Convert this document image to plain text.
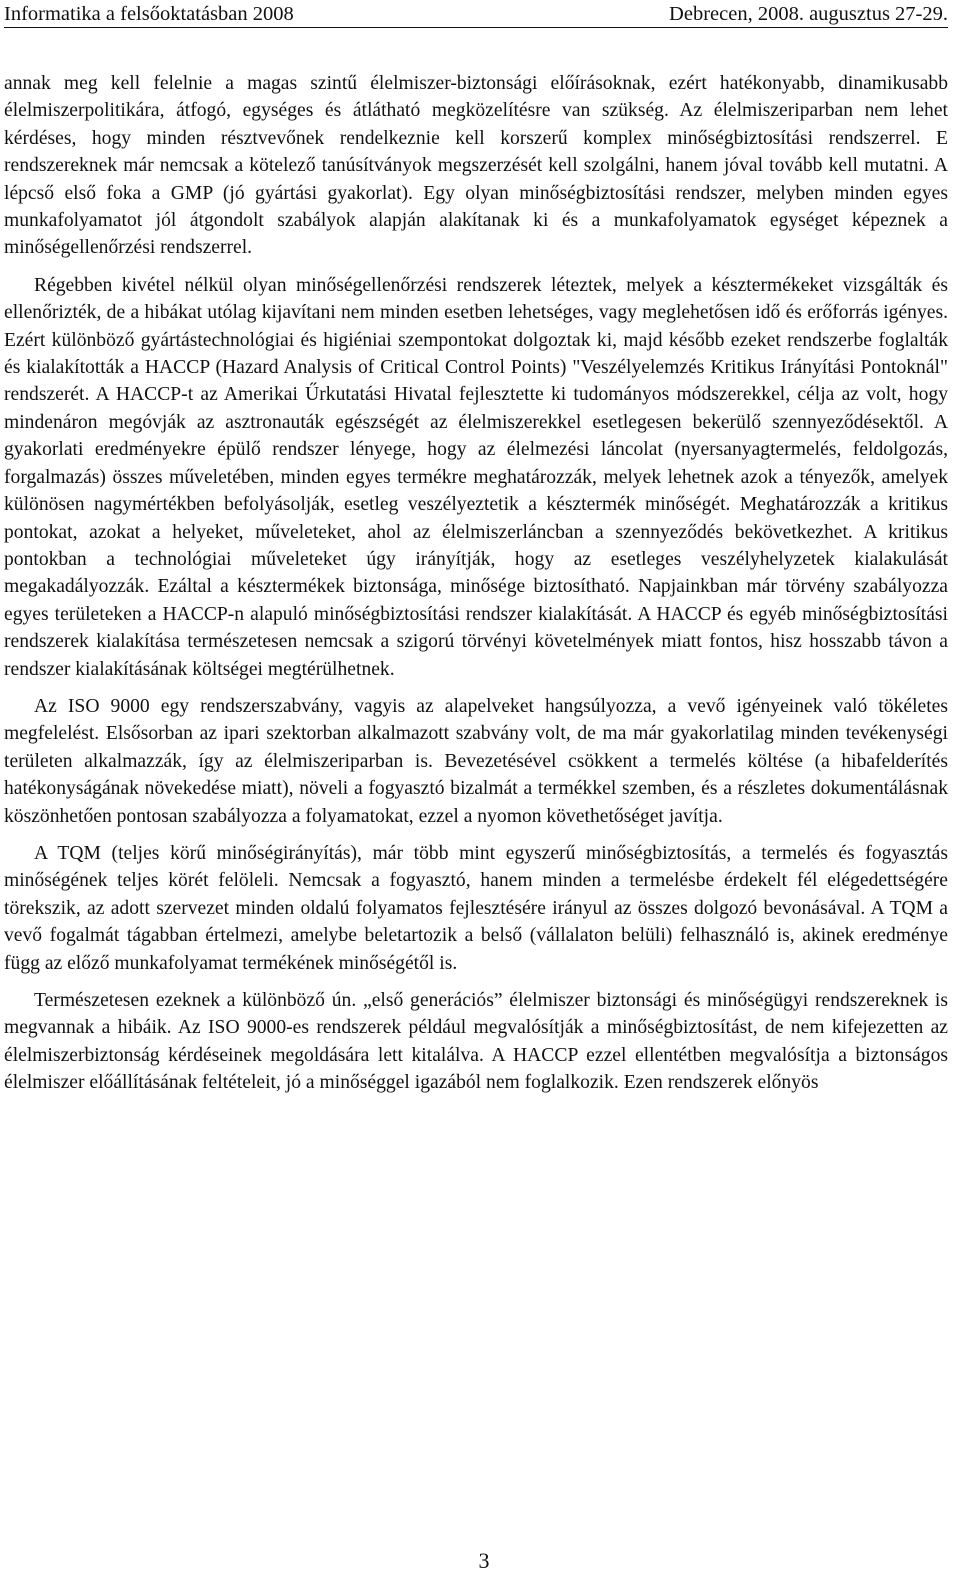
Informatika a felsőoktatásban 2008	Debrecen, 2008. augusztus 27-29.

annak meg kell felelnie a magas szintű élelmiszer-biztonsági előírásoknak, ezért hatékonyabb, dinamikusabb élelmiszerpolitikára, átfogó, egységes és átlátható megközelítésre van szükség. Az élelmiszeriparban nem lehet kérdéses, hogy minden résztvevőnek rendelkeznie kell korszerű komplex minőségbiztosítási rendszerrel. E rendszereknek már nemcsak a kötelező tanúsítványok megszerzését kell szolgálni, hanem jóval tovább kell mutatni. A lépcső első foka a GMP (jó gyártási gyakorlat). Egy olyan minőségbiztosítási rendszer, melyben minden egyes munkafolyamatot jól átgondolt szabályok alapján alakítanak ki és a munkafolyamatok egységet képeznek a minőségellenőrzési rendszerrel.

Régebben kivétel nélkül olyan minőségellenőrzési rendszerek léteztek, melyek a késztermékeket vizsgálták és ellenőrizték, de a hibákat utólag kijavítani nem minden esetben lehetséges, vagy meglehetősen idő és erőforrás igényes. Ezért különböző gyártástechnológiai és higiéniai szempontokat dolgoztak ki, majd később ezeket rendszerbe foglalták és kialakították a HACCP (Hazard Analysis of Critical Control Points) "Veszélyelemzés Kritikus Irányítási Pontoknál" rendszerét. A HACCP-t az Amerikai Űrkutatási Hivatal fejlesztette ki tudományos módszerekkel, célja az volt, hogy mindenáron megóvják az asztronauták egészségét az élelmiszerekkel esetlegesen bekerülő szennyeződésektől. A gyakorlati eredményekre épülő rendszer lényege, hogy az élelmezési láncolat (nyersanyagtermelés, feldolgozás, forgalmazás) összes műveletében, minden egyes termékre meghatározzák, melyek lehetnek azok a tényezők, amelyek különösen nagymértékben befolyásolják, esetleg veszélyeztetik a késztermék minőségét. Meghatározzák a kritikus pontokat, azokat a helyeket, műveleteket, ahol az élelmiszerláncban a szennyeződés bekövetkezhet. A kritikus pontokban a technológiai műveleteket úgy irányítják, hogy az esetleges veszélyhelyzetek kialakulását megakadályozzák. Ezáltal a késztermékek biztonsága, minősége biztosítható. Napjainkban már törvény szabályozza egyes területeken a HACCP-n alapuló minőségbiztosítási rendszer kialakítását. A HACCP és egyéb minőségbiztosítási rendszerek kialakítása természetesen nemcsak a szigorú törvényi követelmények miatt fontos, hisz hosszabb távon a rendszer kialakításának költségei megtérülhetnek.

Az ISO 9000 egy rendszerszabvány, vagyis az alapelveket hangsúlyozza, a vevő igényeinek való tökéletes megfelelést. Elsősorban az ipari szektorban alkalmazott szabvány volt, de ma már gyakorlatilag minden tevékenységi területen alkalmazzák, így az élelmiszeriparban is. Bevezetésével csökkent a termelés költése (a hibafelderítés hatékonyságának növekedése miatt), növeli a fogyasztó bizalmát a termékkel szemben, és a részletes dokumentálásnak köszönhetően pontosan szabályozza a folyamatokat, ezzel a nyomon követhetőséget javítja.

A TQM (teljes körű minőségirányítás), már több mint egyszerű minőségbiztosítás, a termelés és fogyasztás minőségének teljes körét felöleli. Nemcsak a fogyasztó, hanem minden a termelésbe érdekelt fél elégedettségére törekszik, az adott szervezet minden oldalú folyamatos fejlesztésére irányul az összes dolgozó bevonásával. A TQM a vevő fogalmát tágabban értelmezi, amelybe beletartozik a belső (vállalaton belüli) felhasználó is, akinek eredménye függ az előző munkafolyamat termékének minőségétől is.

Természetesen ezeknek a különböző ún. „első generációs” élelmiszer biztonsági és minőségügyi rendszereknek is megvannak a hibáik. Az ISO 9000-es rendszerek például megvalósítják a minőségbiztosítást, de nem kifejezetten az élelmiszerbiztonság kérdéseinek megoldására lett kitalálva. A HACCP ezzel ellentétben megvalósítja a biztonságos élelmiszer előállításának feltételeit, jó a minőséggel igazából nem foglalkozik. Ezen rendszerek előnyös

3
